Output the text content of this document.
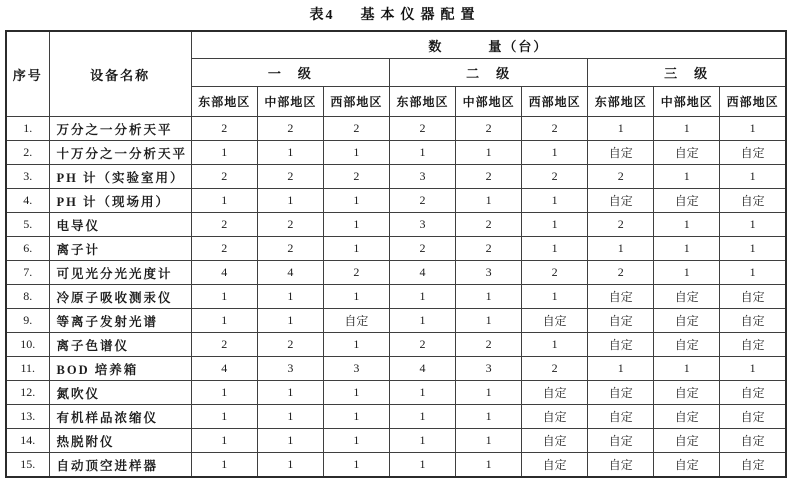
表4 基本仪器配置
序号	设备名称	数　　　量（台）								
		一　级			二　级			三　级		
		东部地区	中部地区	西部地区	东部地区	中部地区	西部地区	东部地区	中部地区	西部地区
1.	万分之一分析天平	2	2	2	2	2	2	1	1	1
2.	十万分之一分析天平	1	1	1	1	1	1	自定	自定	自定
3.	PH 计（实验室用）	2	2	2	3	2	2	2	1	1
4.	PH 计（现场用）	1	1	1	2	1	1	自定	自定	自定
5.	电导仪	2	2	1	3	2	1	2	1	1
6.	离子计	2	2	1	2	2	1	1	1	1
7.	可见光分光光度计	4	4	2	4	3	2	2	1	1
8.	冷原子吸收测汞仪	1	1	1	1	1	1	自定	自定	自定
9.	等离子发射光谱	1	1	自定	1	1	自定	自定	自定	自定
10.	离子色谱仪	2	2	1	2	2	1	自定	自定	自定
11.	BOD 培养箱	4	3	3	4	3	2	1	1	1
12.	氮吹仪	1	1	1	1	1	自定	自定	自定	自定
13.	有机样品浓缩仪	1	1	1	1	1	自定	自定	自定	自定
14.	热脱附仪	1	1	1	1	1	自定	自定	自定	自定
15.	自动顶空进样器	1	1	1	1	1	自定	自定	自定	自定
